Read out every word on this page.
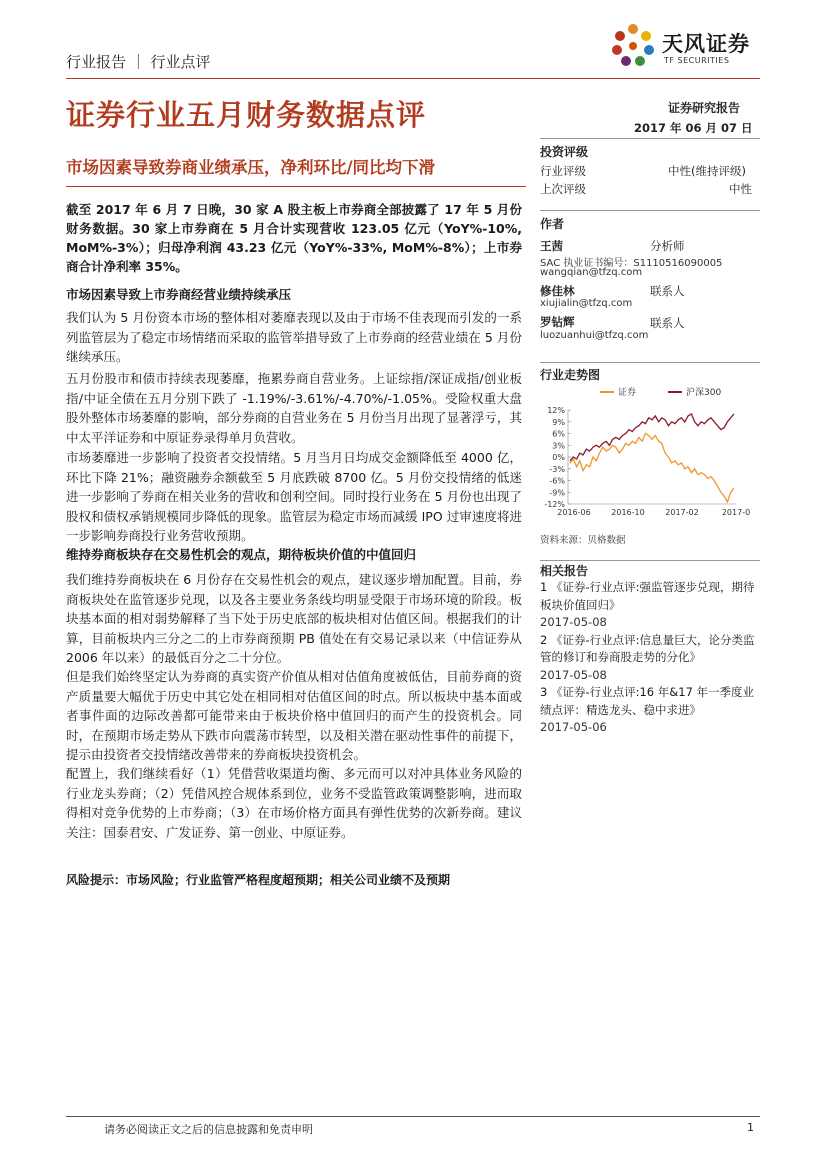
天风证券
TF SECURITIES
行业报告 ｜ 行业点评
证券行业五月财务数据点评	证券研究报告
2017 年 06 月 07 日
市场因素导致券商业绩承压，净利环比/同比均下滑
投资评级
行业评级	中性(维持评级)
上次评级	中性
作者
王茜	分析师
SAC 执业证书编号：S1110516090005
wangqian@tfzq.com
修佳林	联系人
xiujialin@tfzq.com
罗钻辉	联系人
luozuanhui@tfzq.com
行业走势图
证券	沪深300
12%
9%
6%
3%
0%
-3%
-6%
-9%
-12%
2016-06	2016-10	2017-02	2017-0
资料来源：贝格数据
相关报告
1 《证券-行业点评:强监管逐步兑现，期待板块价值回归》
2017-05-08
2 《证券-行业点评:信息量巨大，论分类监管的修订和券商股走势的分化》
2017-05-08
3 《证券-行业点评:16 年&17 年一季度业绩点评：精选龙头、稳中求进》
2017-05-06
截至 2017 年 6 月 7 日晚，30 家 A 股主板上市券商全部披露了 17 年 5 月份财务数据。30 家上市券商在 5 月合计实现营收 123.05 亿元（YoY%-10%, MoM%-3%）；归母净利润 43.23 亿元（YoY%-33%, MoM%-8%）；上市券商合计净利率 35%。
市场因素导致上市券商经营业绩持续承压
我们认为 5 月份资本市场的整体相对萎靡表现以及由于市场不佳表现而引发的一系列监管层为了稳定市场情绪而采取的监管举措导致了上市券商的经营业绩在 5 月份继续承压。
五月份股市和债市持续表现萎靡，拖累券商自营业务。上证综指/深证成指/创业板指/中证全债在五月分别下跌了 -1.19%/-3.61%/-4.70%/-1.05%。受险权重大盘股外整体市场萎靡的影响，部分券商的自营业务在 5 月份当月出现了显著浮亏，其中太平洋证券和中原证券录得单月负营收。
市场萎靡进一步影响了投资者交投情绪。5 月当月日均成交金额降低至 4000 亿，环比下降 21%；融资融券余额截至 5 月底跌破 8700 亿。5 月份交投情绪的低迷进一步影响了券商在相关业务的营收和创利空间。同时投行业务在 5 月份也出现了股权和债权承销规模同步降低的现象。监管层为稳定市场而减缓 IPO 过审速度将进一步影响券商投行业务营收预期。
维持券商板块存在交易性机会的观点，期待板块价值的中值回归
我们维持券商板块在 6 月份存在交易性机会的观点，建议逐步增加配置。目前，券商板块处在监管逐步兑现，以及各主要业务条线均明显受限于市场环境的阶段。板块基本面的相对弱势解释了当下处于历史底部的板块相对估值区间。根据我们的计算，目前板块内三分之二的上市券商预期 PB 值处在有交易记录以来（中信证券从 2006 年以来）的最低百分之二十分位。
但是我们始终坚定认为券商的真实资产价值从相对估值角度被低估，目前券商的资产质量要大幅优于历史中其它处在相同相对估值区间的时点。所以板块中基本面或者事件面的边际改善都可能带来由于板块价格中值回归的而产生的投资机会。同时，在预期市场走势从下跌市向震荡市转型，以及相关潜在驱动性事件的前提下，提示由投资者交投情绪改善带来的券商板块投资机会。
配置上，我们继续看好（1）凭借营收渠道均衡、多元而可以对冲具体业务风险的行业龙头券商；（2）凭借风控合规体系到位，业务不受监管政策调整影响，进而取得相对竞争优势的上市券商；（3）在市场价格方面具有弹性优势的次新券商。建议关注：国泰君安、广发证券、第一创业、中原证券。
风险提示：市场风险；行业监管严格程度超预期；相关公司业绩不及预期
请务必阅读正文之后的信息披露和免责申明	1
